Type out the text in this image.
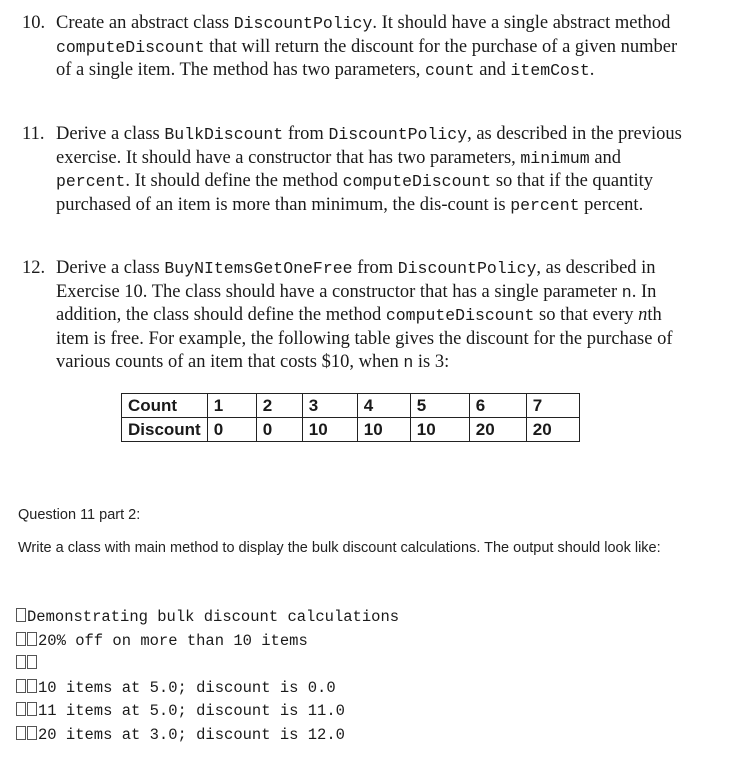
10. Create an abstract class DiscountPolicy. It should have a single abstract method computeDiscount that will return the discount for the purchase of a given number of a single item. The method has two parameters, count and itemCost.
11. Derive a class BulkDiscount from DiscountPolicy, as described in the previous exercise. It should have a constructor that has two parameters, minimum and percent. It should define the method computeDiscount so that if the quantity purchased of an item is more than minimum, the dis-count is percent percent.
12. Derive a class BuyNItemsGetOneFree from DiscountPolicy, as described in Exercise 10. The class should have a constructor that has a single parameter n. In addition, the class should define the method computeDiscount so that every nth item is free. For example, the following table gives the discount for the purchase of various counts of an item that costs $10, when n is 3:
Count	1	2	3	4	5	6	7
Discount	0	0	10	10	10	20	20
Question 11 part 2:
Write a class with main method to display the bulk discount calculations. The output should look like:
Demonstrating bulk discount calculations
20% off on more than 10 items
10 items at 5.0; discount is 0.0
11 items at 5.0; discount is 11.0
20 items at 3.0; discount is 12.0
